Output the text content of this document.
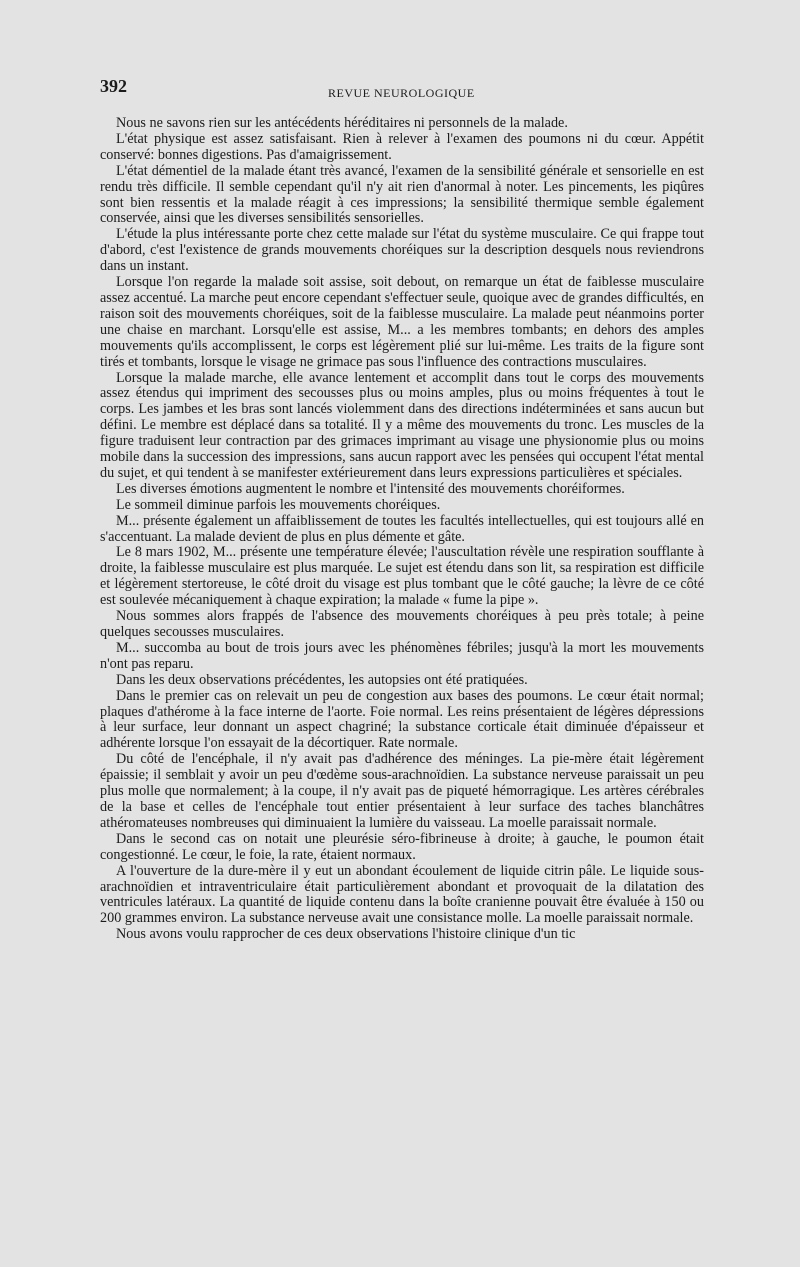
392	REVUE NEUROLOGIQUE

Nous ne savons rien sur les antécédents héréditaires ni personnels de la malade.

L'état physique est assez satisfaisant. Rien à relever à l'examen des poumons ni du cœur. Appétit conservé: bonnes digestions. Pas d'amaigrissement.

L'état démentiel de la malade étant très avancé, l'examen de la sensibilité générale et sensorielle en est rendu très difficile. Il semble cependant qu'il n'y ait rien d'anormal à noter. Les pincements, les piqûres sont bien ressentis et la malade réagit à ces impressions; la sensibilité thermique semble également conservée, ainsi que les diverses sensibilités sensorielles.

L'étude la plus intéressante porte chez cette malade sur l'état du système musculaire. Ce qui frappe tout d'abord, c'est l'existence de grands mouvements choréiques sur la description desquels nous reviendrons dans un instant.

Lorsque l'on regarde la malade soit assise, soit debout, on remarque un état de faiblesse musculaire assez accentué. La marche peut encore cependant s'effectuer seule, quoique avec de grandes difficultés, en raison soit des mouvements choréiques, soit de la faiblesse musculaire. La malade peut néanmoins porter une chaise en marchant. Lorsqu'elle est assise, M... a les membres tombants; en dehors des amples mouvements qu'ils accomplissent, le corps est légèrement plié sur lui-même. Les traits de la figure sont tirés et tombants, lorsque le visage ne grimace pas sous l'influence des contractions musculaires.

Lorsque la malade marche, elle avance lentement et accomplit dans tout le corps des mouvements assez étendus qui impriment des secousses plus ou moins amples, plus ou moins fréquentes à tout le corps. Les jambes et les bras sont lancés violemment dans des directions indéterminées et sans aucun but défini. Le membre est déplacé dans sa totalité. Il y a même des mouvements du tronc. Les muscles de la figure traduisent leur contraction par des grimaces imprimant au visage une physionomie plus ou moins mobile dans la succession des impressions, sans aucun rapport avec les pensées qui occupent l'état mental du sujet, et qui tendent à se manifester extérieurement dans leurs expressions particulières et spéciales.

Les diverses émotions augmentent le nombre et l'intensité des mouvements choréiformes.

Le sommeil diminue parfois les mouvements choréiques.

M... présente également un affaiblissement de toutes les facultés intellectuelles, qui est toujours allé en s'accentuant. La malade devient de plus en plus démente et gâte.

Le 8 mars 1902, M... présente une température élevée; l'auscultation révèle une respiration soufflante à droite, la faiblesse musculaire est plus marquée. Le sujet est étendu dans son lit, sa respiration est difficile et légèrement stertoreuse, le côté droit du visage est plus tombant que le côté gauche; la lèvre de ce côté est soulevée mécaniquement à chaque expiration; la malade « fume la pipe ».

Nous sommes alors frappés de l'absence des mouvements choréiques à peu près totale; à peine quelques secousses musculaires.

M... succomba au bout de trois jours avec les phénomènes fébriles; jusqu'à la mort les mouvements n'ont pas reparu.

Dans les deux observations précédentes, les autopsies ont été pratiquées.

Dans le premier cas on relevait un peu de congestion aux bases des poumons. Le cœur était normal; plaques d'athérome à la face interne de l'aorte. Foie normal. Les reins présentaient de légères dépressions à leur surface, leur donnant un aspect chagriné; la substance corticale était diminuée d'épaisseur et adhérente lorsque l'on essayait de la décortiquer. Rate normale.

Du côté de l'encéphale, il n'y avait pas d'adhérence des méninges. La pie-mère était légèrement épaissie; il semblait y avoir un peu d'œdème sous-arachnoïdien. La substance nerveuse paraissait un peu plus molle que normalement; à la coupe, il n'y avait pas de piqueté hémorragique. Les artères cérébrales de la base et celles de l'encéphale tout entier présentaient à leur surface des taches blanchâtres athéromateuses nombreuses qui diminuaient la lumière du vaisseau. La moelle paraissait normale.

Dans le second cas on notait une pleurésie séro-fibrineuse à droite; à gauche, le poumon était congestionné. Le cœur, le foie, la rate, étaient normaux.

A l'ouverture de la dure-mère il y eut un abondant écoulement de liquide citrin pâle. Le liquide sous-arachnoïdien et intraventriculaire était particulièrement abondant et provoquait de la dilatation des ventricules latéraux. La quantité de liquide contenu dans la boîte cranienne pouvait être évaluée à 150 ou 200 grammes environ. La substance nerveuse avait une consistance molle. La moelle paraissait normale.

Nous avons voulu rapprocher de ces deux observations l'histoire clinique d'un tic
